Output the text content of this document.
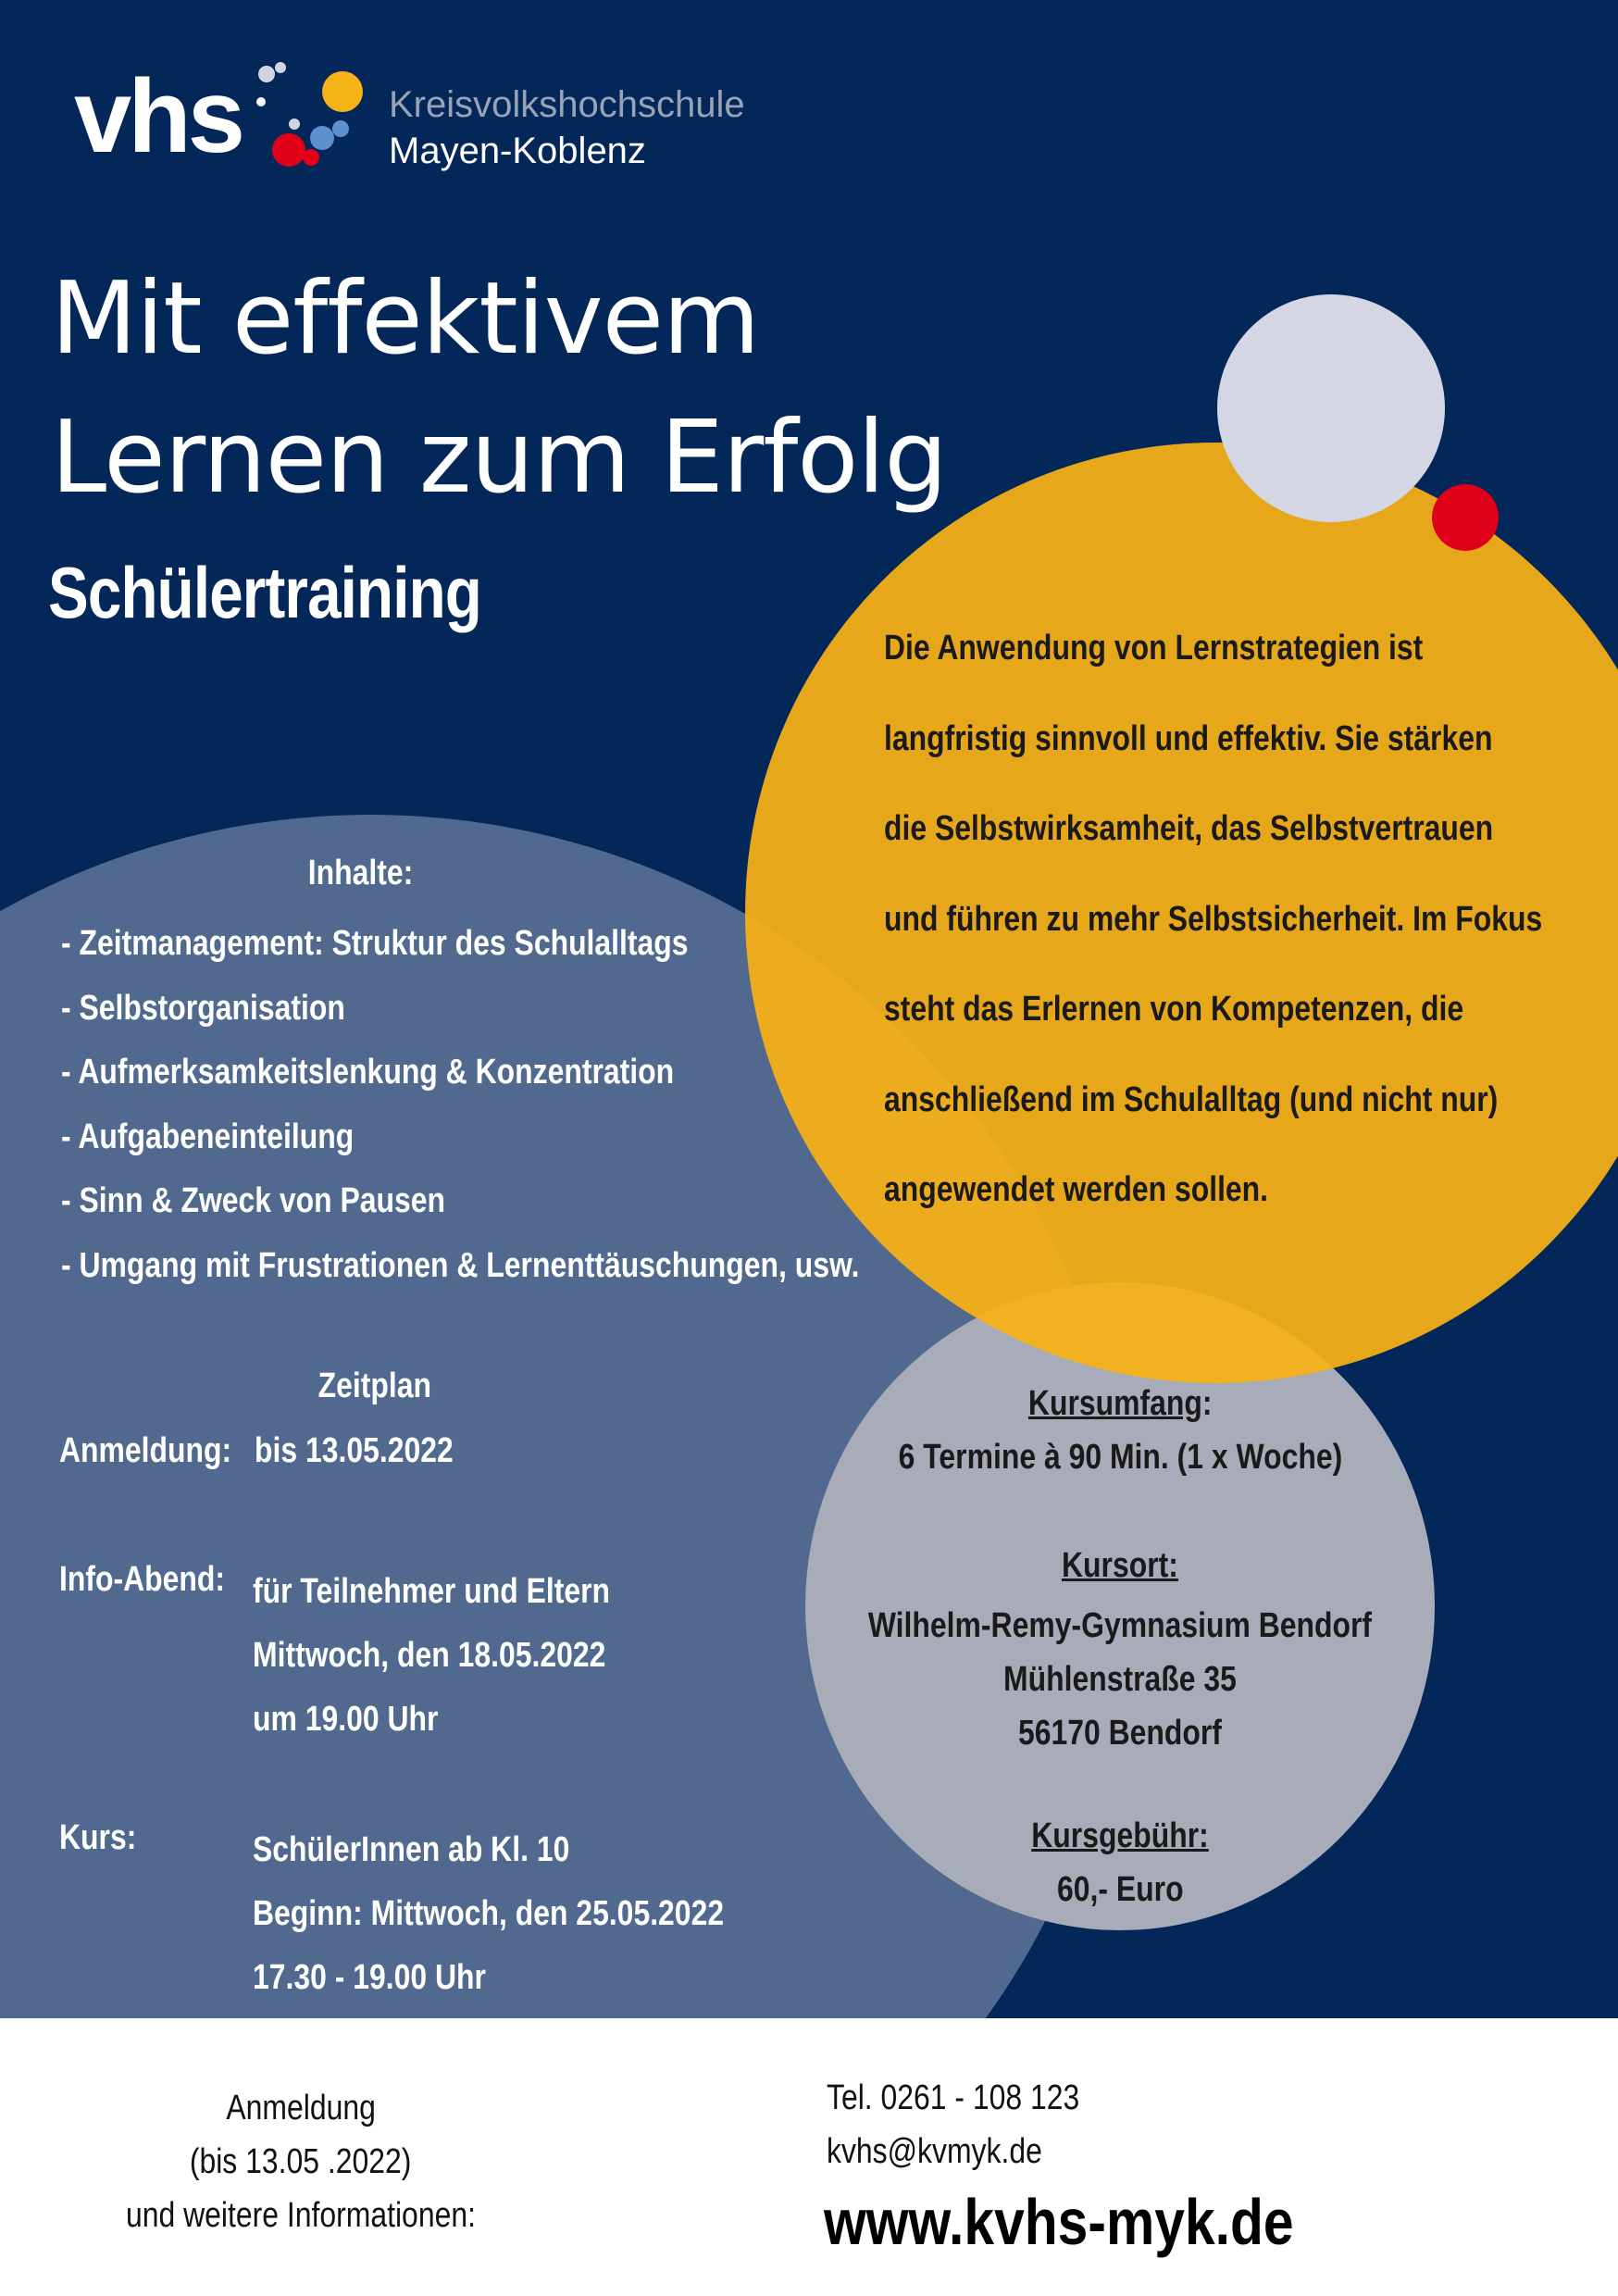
vhs	Kreisvolkshochschule
Mayen-Koblenz
Mit effektivem
Lernen zum Erfolg
Schülertraining
Die Anwendung von Lernstrategien ist
langfristig sinnvoll und effektiv. Sie stärken
die Selbstwirksamheit, das Selbstvertrauen
und führen zu mehr Selbstsicherheit. Im Fokus
steht das Erlernen von Kompetenzen, die
anschließend im Schulalltag (und nicht nur)
angewendet werden sollen.
Inhalte:
- Zeitmanagement: Struktur des Schulalltags
- Selbstorganisation
- Aufmerksamkeitslenkung & Konzentration
- Aufgabeneinteilung
- Sinn & Zweck von Pausen
- Umgang mit Frustrationen & Lernenttäuschungen, usw.
Zeitplan
Anmeldung: bis 13.05.2022
Info-Abend: für Teilnehmer und Eltern
Mittwoch, den 18.05.2022
um 19.00 Uhr
Kurs:	SchülerInnen ab Kl. 10
Beginn: Mittwoch, den 25.05.2022
17.30 - 19.00 Uhr
Kursumfang:
6 Termine à 90 Min. (1 x Woche)
Kursort:
Wilhelm-Remy-Gymnasium Bendorf
Mühlenstraße 35
56170 Bendorf
Kursgebühr:
60,- Euro
Anmeldung
(bis 13.05 .2022)
und weitere Informationen:
Tel. 0261 - 108 123
kvhs@kvmyk.de
www.kvhs-myk.de
